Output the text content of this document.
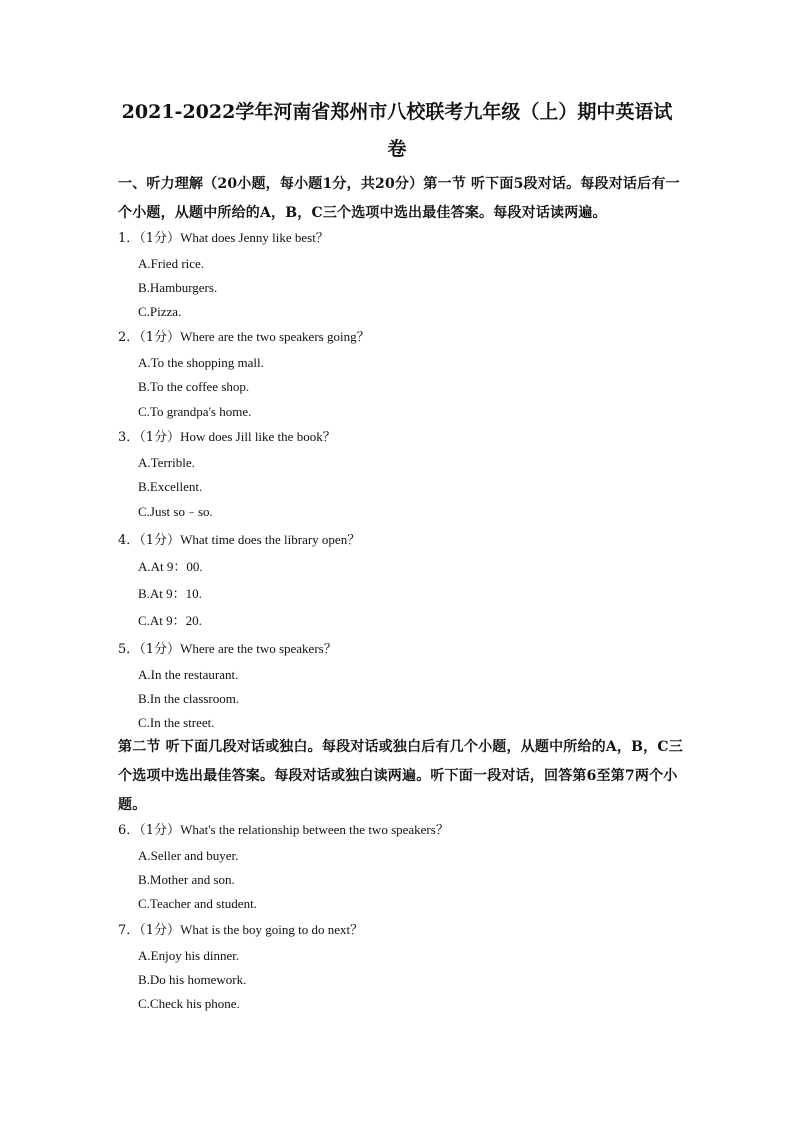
2021-2022学年河南省郑州市八校联考九年级（上）期中英语试
卷
一、听力理解（20小题，每小题1分，共20分）第一节 听下面5段对话。每段对话后有一个小题，从题中所给的A，B，C三个选项中选出最佳答案。每段对话读两遍。
1．（1分）What does Jenny like best？
A.Fried rice.
B.Hamburgers.
C.Pizza.
2．（1分）Where are the two speakers going？
A.To the shopping mall.
B.To the coffee shop.
C.To grandpa's home.
3．（1分）How does Jill like the book？
A.Terrible.
B.Excellent.
C.Just so﹣so.
4．（1分）What time does the library open？
A.At 9：00.
B.At 9：10.
C.At 9：20.
5．（1分）Where are the two speakers？
A.In the restaurant.
B.In the classroom.
C.In the street.
第二节 听下面几段对话或独白。每段对话或独白后有几个小题，从题中所给的A，B，C三个选项中选出最佳答案。每段对话或独白读两遍。听下面一段对话，回答第6至第7两个小题。
6．（1分）What's the relationship between the two speakers？
A.Seller and buyer.
B.Mother and son.
C.Teacher and student.
7．（1分）What is the boy going to do next？
A.Enjoy his dinner.
B.Do his homework.
C.Check his phone.
